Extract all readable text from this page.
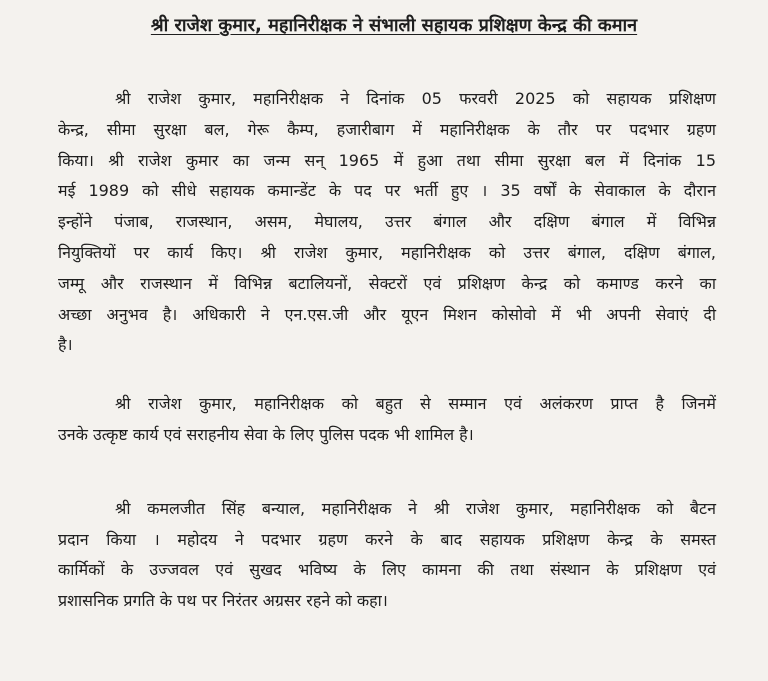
श्री राजेश कुमार, महानिरीक्षक ने संभाली सहायक प्रशिक्षण केन्द्र की कमान
श्री राजेश कुमार, महानिरीक्षक ने दिनांक 05 फरवरी 2025 को सहायक प्रशिक्षण
केन्द्र, सीमा सुरक्षा बल, गेरू कैम्प, हजारीबाग में महानिरीक्षक के तौर पर पदभार ग्रहण
किया। श्री राजेश कुमार का जन्म सन् 1965 में हुआ तथा सीमा सुरक्षा बल में दिनांक 15
मई 1989 को सीधे सहायक कमान्डेंट के पद पर भर्ती हुए । 35 वर्षों के सेवाकाल के दौरान
इन्होंने पंजाब, राजस्थान, असम, मेघालय, उत्तर बंगाल और दक्षिण बंगाल में विभिन्न
नियुक्तियों पर कार्य किए। श्री राजेश कुमार, महानिरीक्षक को उत्तर बंगाल, दक्षिण बंगाल,
जम्मू और राजस्थान में विभिन्न बटालियनों, सेक्टरों एवं प्रशिक्षण केन्द्र को कमाण्ड करने का
अच्छा अनुभव है। अधिकारी ने एन.एस.जी और यूएन मिशन कोसोवो में भी अपनी सेवाएं दी
है।
श्री राजेश कुमार, महानिरीक्षक को बहुत से सम्मान एवं अलंकरण प्राप्त है जिनमें
उनके उत्कृष्ट कार्य एवं सराहनीय सेवा के लिए पुलिस पदक भी शामिल है।
श्री कमलजीत सिंह बन्याल, महानिरीक्षक ने श्री राजेश कुमार, महानिरीक्षक को बैटन
प्रदान किया । महोदय ने पदभार ग्रहण करने के बाद सहायक प्रशिक्षण केन्द्र के समस्त
कार्मिकों के उज्जवल एवं सुखद भविष्य के लिए कामना की तथा संस्थान के प्रशिक्षण एवं
प्रशासनिक प्रगति के पथ पर निरंतर अग्रसर रहने को कहा।
